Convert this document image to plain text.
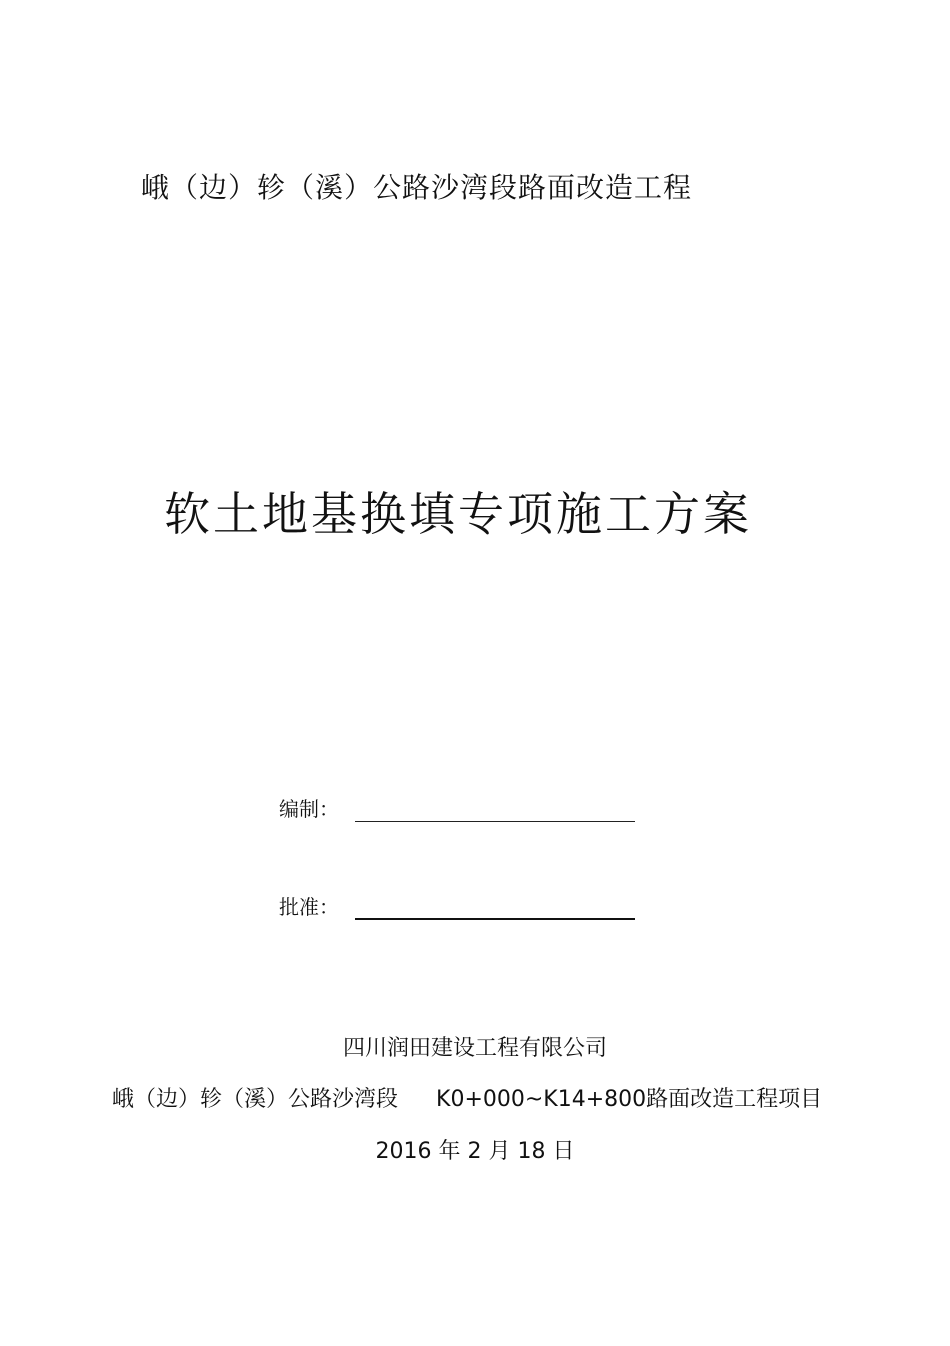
峨（边）轸（溪）公路沙湾段路面改造工程
软土地基换填专项施工方案
编制：
批准：
四川润田建设工程有限公司
峨（边）轸（溪）公路沙湾段 K0+000~K14+800路面改造工程项目
2016 年 2 月 18 日
